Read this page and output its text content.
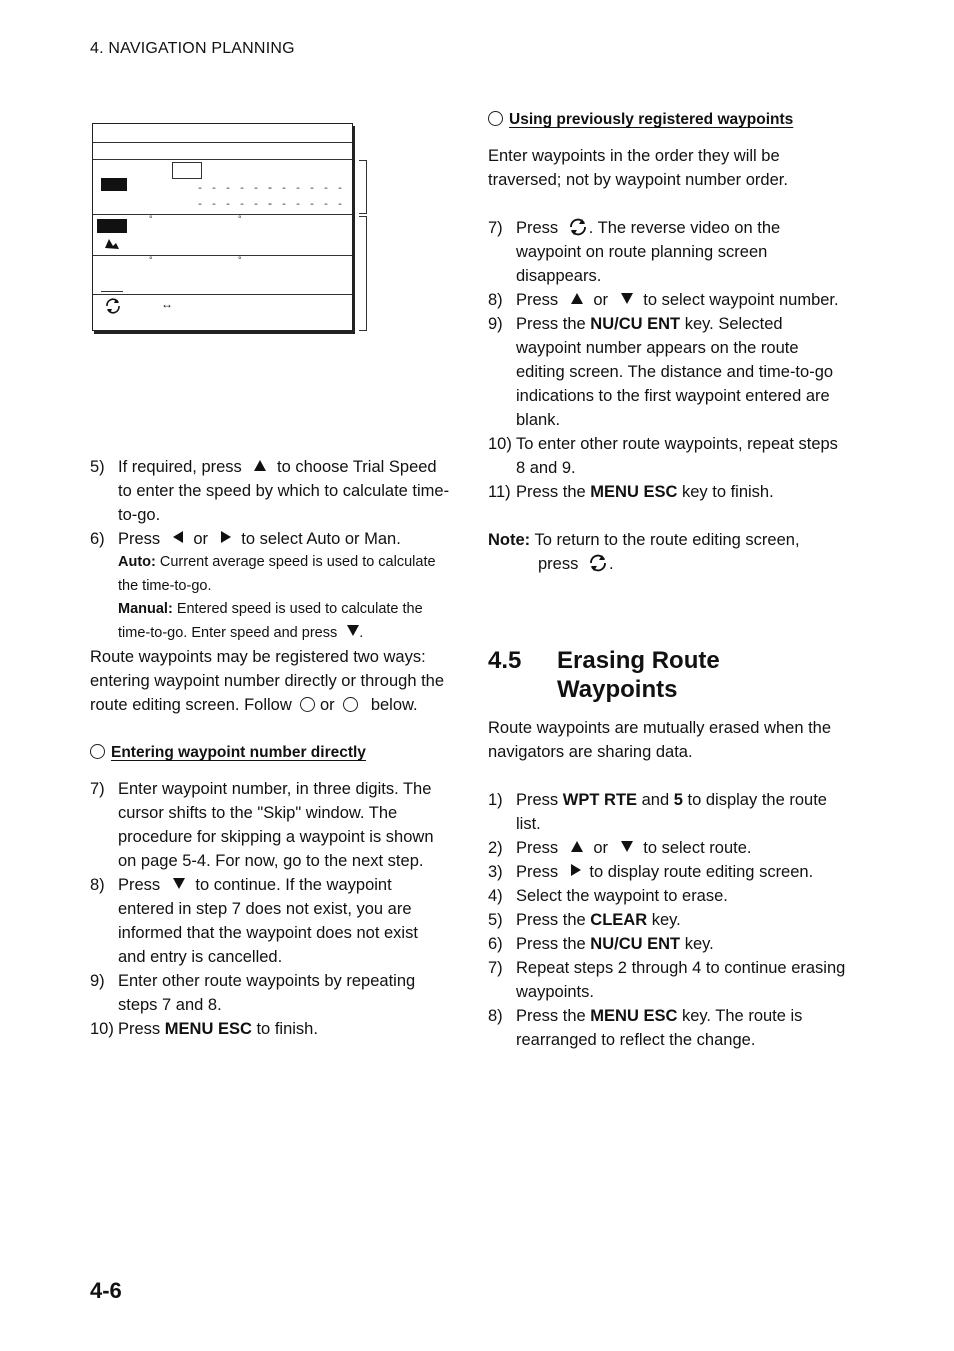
4. NAVIGATION PLANNING
- - - - - -
- - - - - -
- - - - - -
- - - - - -
°	°
°	°
↔
5) If required, press to choose Trial Speed to enter the speed by which to calculate time-to-go.
6) Press or to select Auto or Man.
Auto: Current average speed is used to calculate the time-to-go.
Manual: Entered speed is used to calculate the time-to-go. Enter speed and press .

Route waypoints may be registered two ways: entering waypoint number directly or through the route editing screen. Follow or below.

Entering waypoint number directly
7) Enter waypoint number, in three digits. The cursor shifts to the "Skip" window. The procedure for skipping a waypoint is shown on page 5-4. For now, go to the next step.
8) Press to continue. If the waypoint entered in step 7 does not exist, you are informed that the waypoint does not exist and entry is cancelled.
9) Enter other route waypoints by repeating steps 7 and 8.
10) Press MENU ESC to finish.
Using previously registered waypoints

Enter waypoints in the order they will be traversed; not by waypoint number order.

7) Press . The reverse video on the waypoint on route planning screen disappears.
8) Press or to select waypoint number.
9) Press the NU/CU ENT key. Selected waypoint number appears on the route editing screen. The distance and time-to-go indications to the first waypoint entered are blank.
10) To enter other route waypoints, repeat steps 8 and 9.
11) Press the MENU ESC key to finish.
Note: To return to the route editing screen,
press .
4.5 Erasing Route Waypoints

Route waypoints are mutually erased when the navigators are sharing data.

1) Press WPT RTE and 5 to display the route list.
2) Press or to select route.
3) Press to display route editing screen.
4) Select the waypoint to erase.
5) Press the CLEAR key.
6) Press the NU/CU ENT key.
7) Repeat steps 2 through 4 to continue erasing waypoints.
8) Press the MENU ESC key. The route is rearranged to reflect the change.
4-6
